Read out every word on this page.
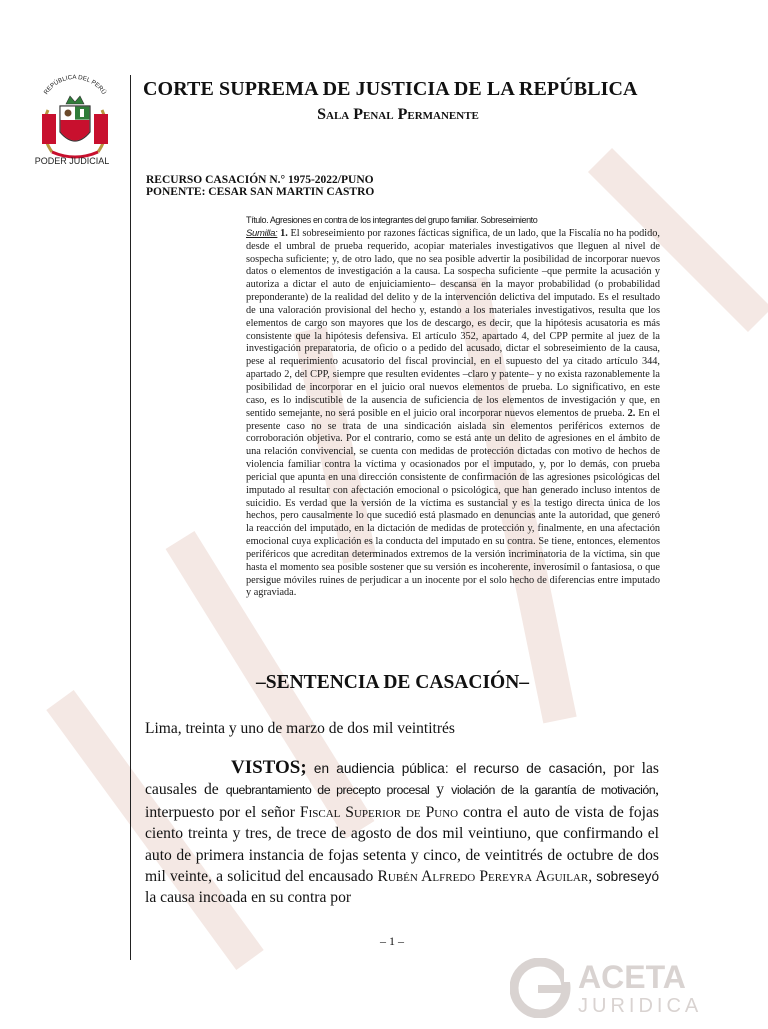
REPÚBLICA DEL PERÚ
PODER JUDICIAL
CORTE SUPREMA DE JUSTICIA DE LA REPÚBLICA
Sala Penal Permanente
RECURSO CASACIÓN N.° 1975-2022/PUNO
PONENTE: CESAR SAN MARTIN CASTRO
Título. Agresiones en contra de los integrantes del grupo familiar. Sobreseimiento
Sumilla: 1. El sobreseimiento por razones fácticas significa, de un lado, que la Fiscalía no ha podido, desde el umbral de prueba requerido, acopiar materiales investigativos que lleguen al nivel de sospecha suficiente; y, de otro lado, que no sea posible advertir la posibilidad de incorporar nuevos datos o elementos de investigación a la causa. La sospecha suficiente –que permite la acusación y autoriza a dictar el auto de enjuiciamiento– descansa en la mayor probabilidad (o probabilidad preponderante) de la realidad del delito y de la intervención delictiva del imputado. Es el resultado de una valoración provisional del hecho y, estando a los materiales investigativos, resulta que los elementos de cargo son mayores que los de descargo, es decir, que la hipótesis acusatoria es más consistente que la hipótesis defensiva. El artículo 352, apartado 4, del CPP permite al juez de la investigación preparatoria, de oficio o a pedido del acusado, dictar el sobreseimiento de la causa, pese al requerimiento acusatorio del fiscal provincial, en el supuesto del ya citado artículo 344, apartado 2, del CPP, siempre que resulten evidentes –claro y patente– y no exista razonablemente la posibilidad de incorporar en el juicio oral nuevos elementos de prueba. Lo significativo, en este caso, es lo indiscutible de la ausencia de suficiencia de los elementos de investigación y que, en sentido semejante, no será posible en el juicio oral incorporar nuevos elementos de prueba. 2. En el presente caso no se trata de una sindicación aislada sin elementos periféricos externos de corroboración objetiva. Por el contrario, como se está ante un delito de agresiones en el ámbito de una relación convivencial, se cuenta con medidas de protección dictadas con motivo de hechos de violencia familiar contra la víctima y ocasionados por el imputado, y, por lo demás, con prueba pericial que apunta en una dirección consistente de confirmación de las agresiones psicológicas del imputado al resultar con afectación emocional o psicológica, que han generado incluso intentos de suicidio. Es verdad que la versión de la víctima es sustancial y es la testigo directa única de los hechos, pero causalmente lo que sucedió está plasmado en denuncias ante la autoridad, que generó la reacción del imputado, en la dictación de medidas de protección y, finalmente, en una afectación emocional cuya explicación es la conducta del imputado en su contra. Se tiene, entonces, elementos periféricos que acreditan determinados extremos de la versión incriminatoria de la víctima, sin que hasta el momento sea posible sostener que su versión es incoherente, inverosímil o fantasiosa, o que persigue móviles ruines de perjudicar a un inocente por el solo hecho de diferencias entre imputado y agraviada.
–SENTENCIA DE CASACIÓN–
Lima, treinta y uno de marzo de dos mil veintitrés
VISTOS; en audiencia pública: el recurso de casación, por las causales de quebrantamiento de precepto procesal y violación de la garantía de motivación, interpuesto por el señor Fiscal Superior de Puno contra el auto de vista de fojas ciento treinta y tres, de trece de agosto de dos mil veintiuno, que confirmando el auto de primera instancia de fojas setenta y cinco, de veintitrés de octubre de dos mil veinte, a solicitud del encausado Rubén Alfredo Pereyra Aguilar, sobreseyó la causa incoada en su contra por
– 1 –
ACETA
JURIDICA
